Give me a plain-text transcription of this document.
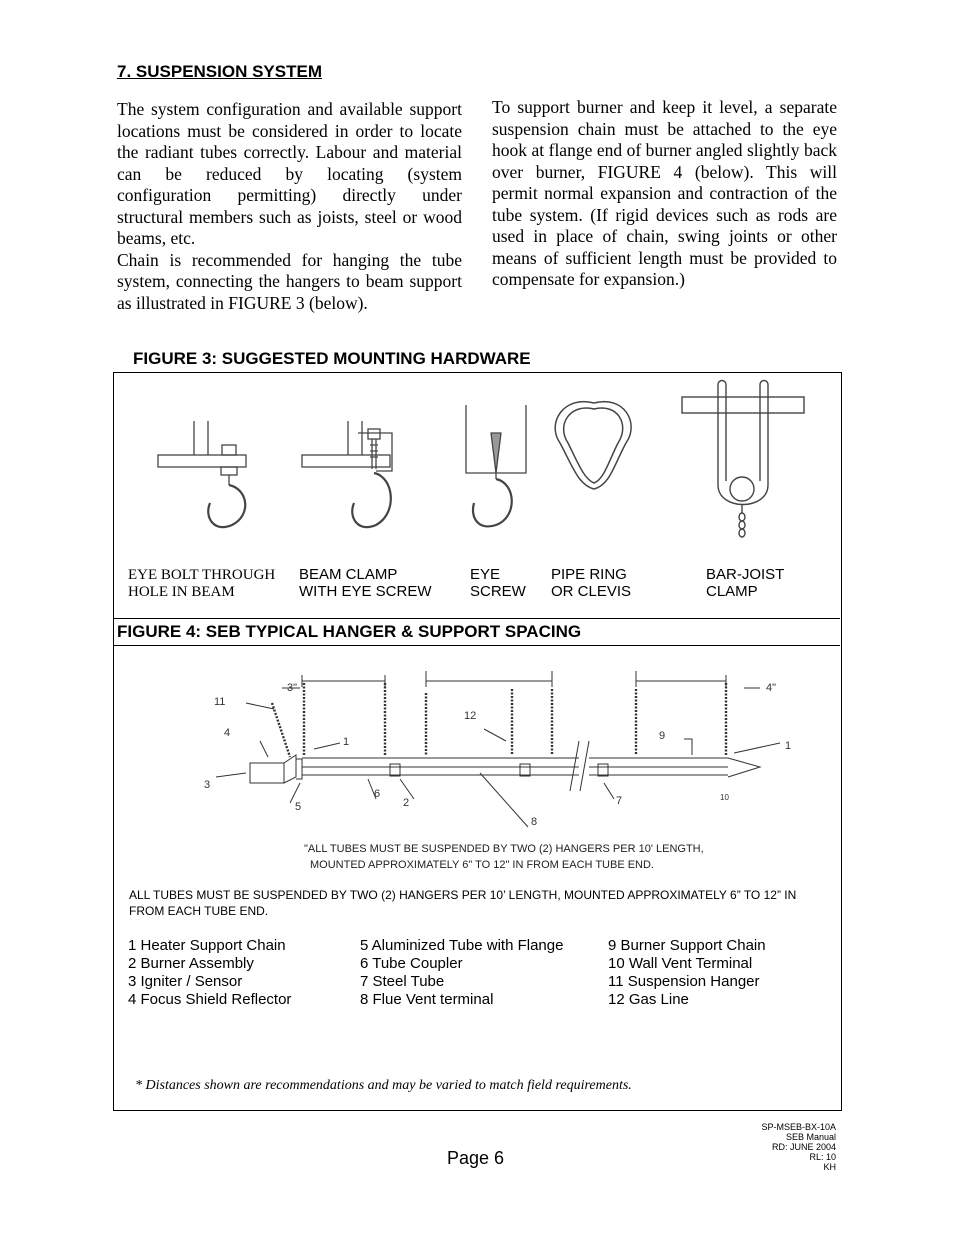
7. SUSPENSION SYSTEM

The system configuration and available support locations must be considered in order to locate the radiant tubes correctly. Labour and material can be reduced by locating (system configuration permitting) directly under structural members such as joists, steel or wood beams, etc.

Chain is recommended for hanging the tube system, connecting the hangers to beam support as illustrated in FIGURE 3 (below).

To support burner and keep it level, a separate suspension chain must be attached to the eye hook at flange end of burner angled slightly back over burner, FIGURE 4 (below). This will permit normal expansion and contraction of the tube system. (If rigid devices such as rods are used in place of chain, swing joints or other means of sufficient length must be provided to compensate for expansion.)

FIGURE 3: SUGGESTED MOUNTING HARDWARE
EYE BOLT THROUGH
HOLE IN BEAM
BEAM CLAMP
WITH EYE SCREW
EYE
SCREW
PIPE RING
OR CLEVIS
BAR-JOIST
CLAMP
FIGURE 4: SEB TYPICAL HANGER & SUPPORT SPACING
3"	4"
11
4
3
5
1
6
2
12
8
7
9
10
1
"ALL TUBES MUST BE SUSPENDED BY TWO (2) HANGERS PER 10' LENGTH,
MOUNTED APPROXIMATELY 6" TO 12" IN FROM EACH TUBE END.
ALL TUBES MUST BE SUSPENDED BY TWO (2) HANGERS PER 10’ LENGTH, MOUNTED APPROXIMATELY 6” TO 12” IN FROM EACH TUBE END.
1 Heater Support Chain
2 Burner Assembly
3 Igniter / Sensor
4 Focus Shield Reflector
5 Aluminized Tube with Flange
6 Tube Coupler
7 Steel Tube
8 Flue Vent terminal
9 Burner Support Chain
10 Wall Vent Terminal
11 Suspension Hanger
12 Gas Line
* Distances shown are recommendations and may be varied to match field requirements.
Page 6
SP-MSEB-BX-10A
SEB Manual
RD: JUNE 2004
RL: 10
KH
